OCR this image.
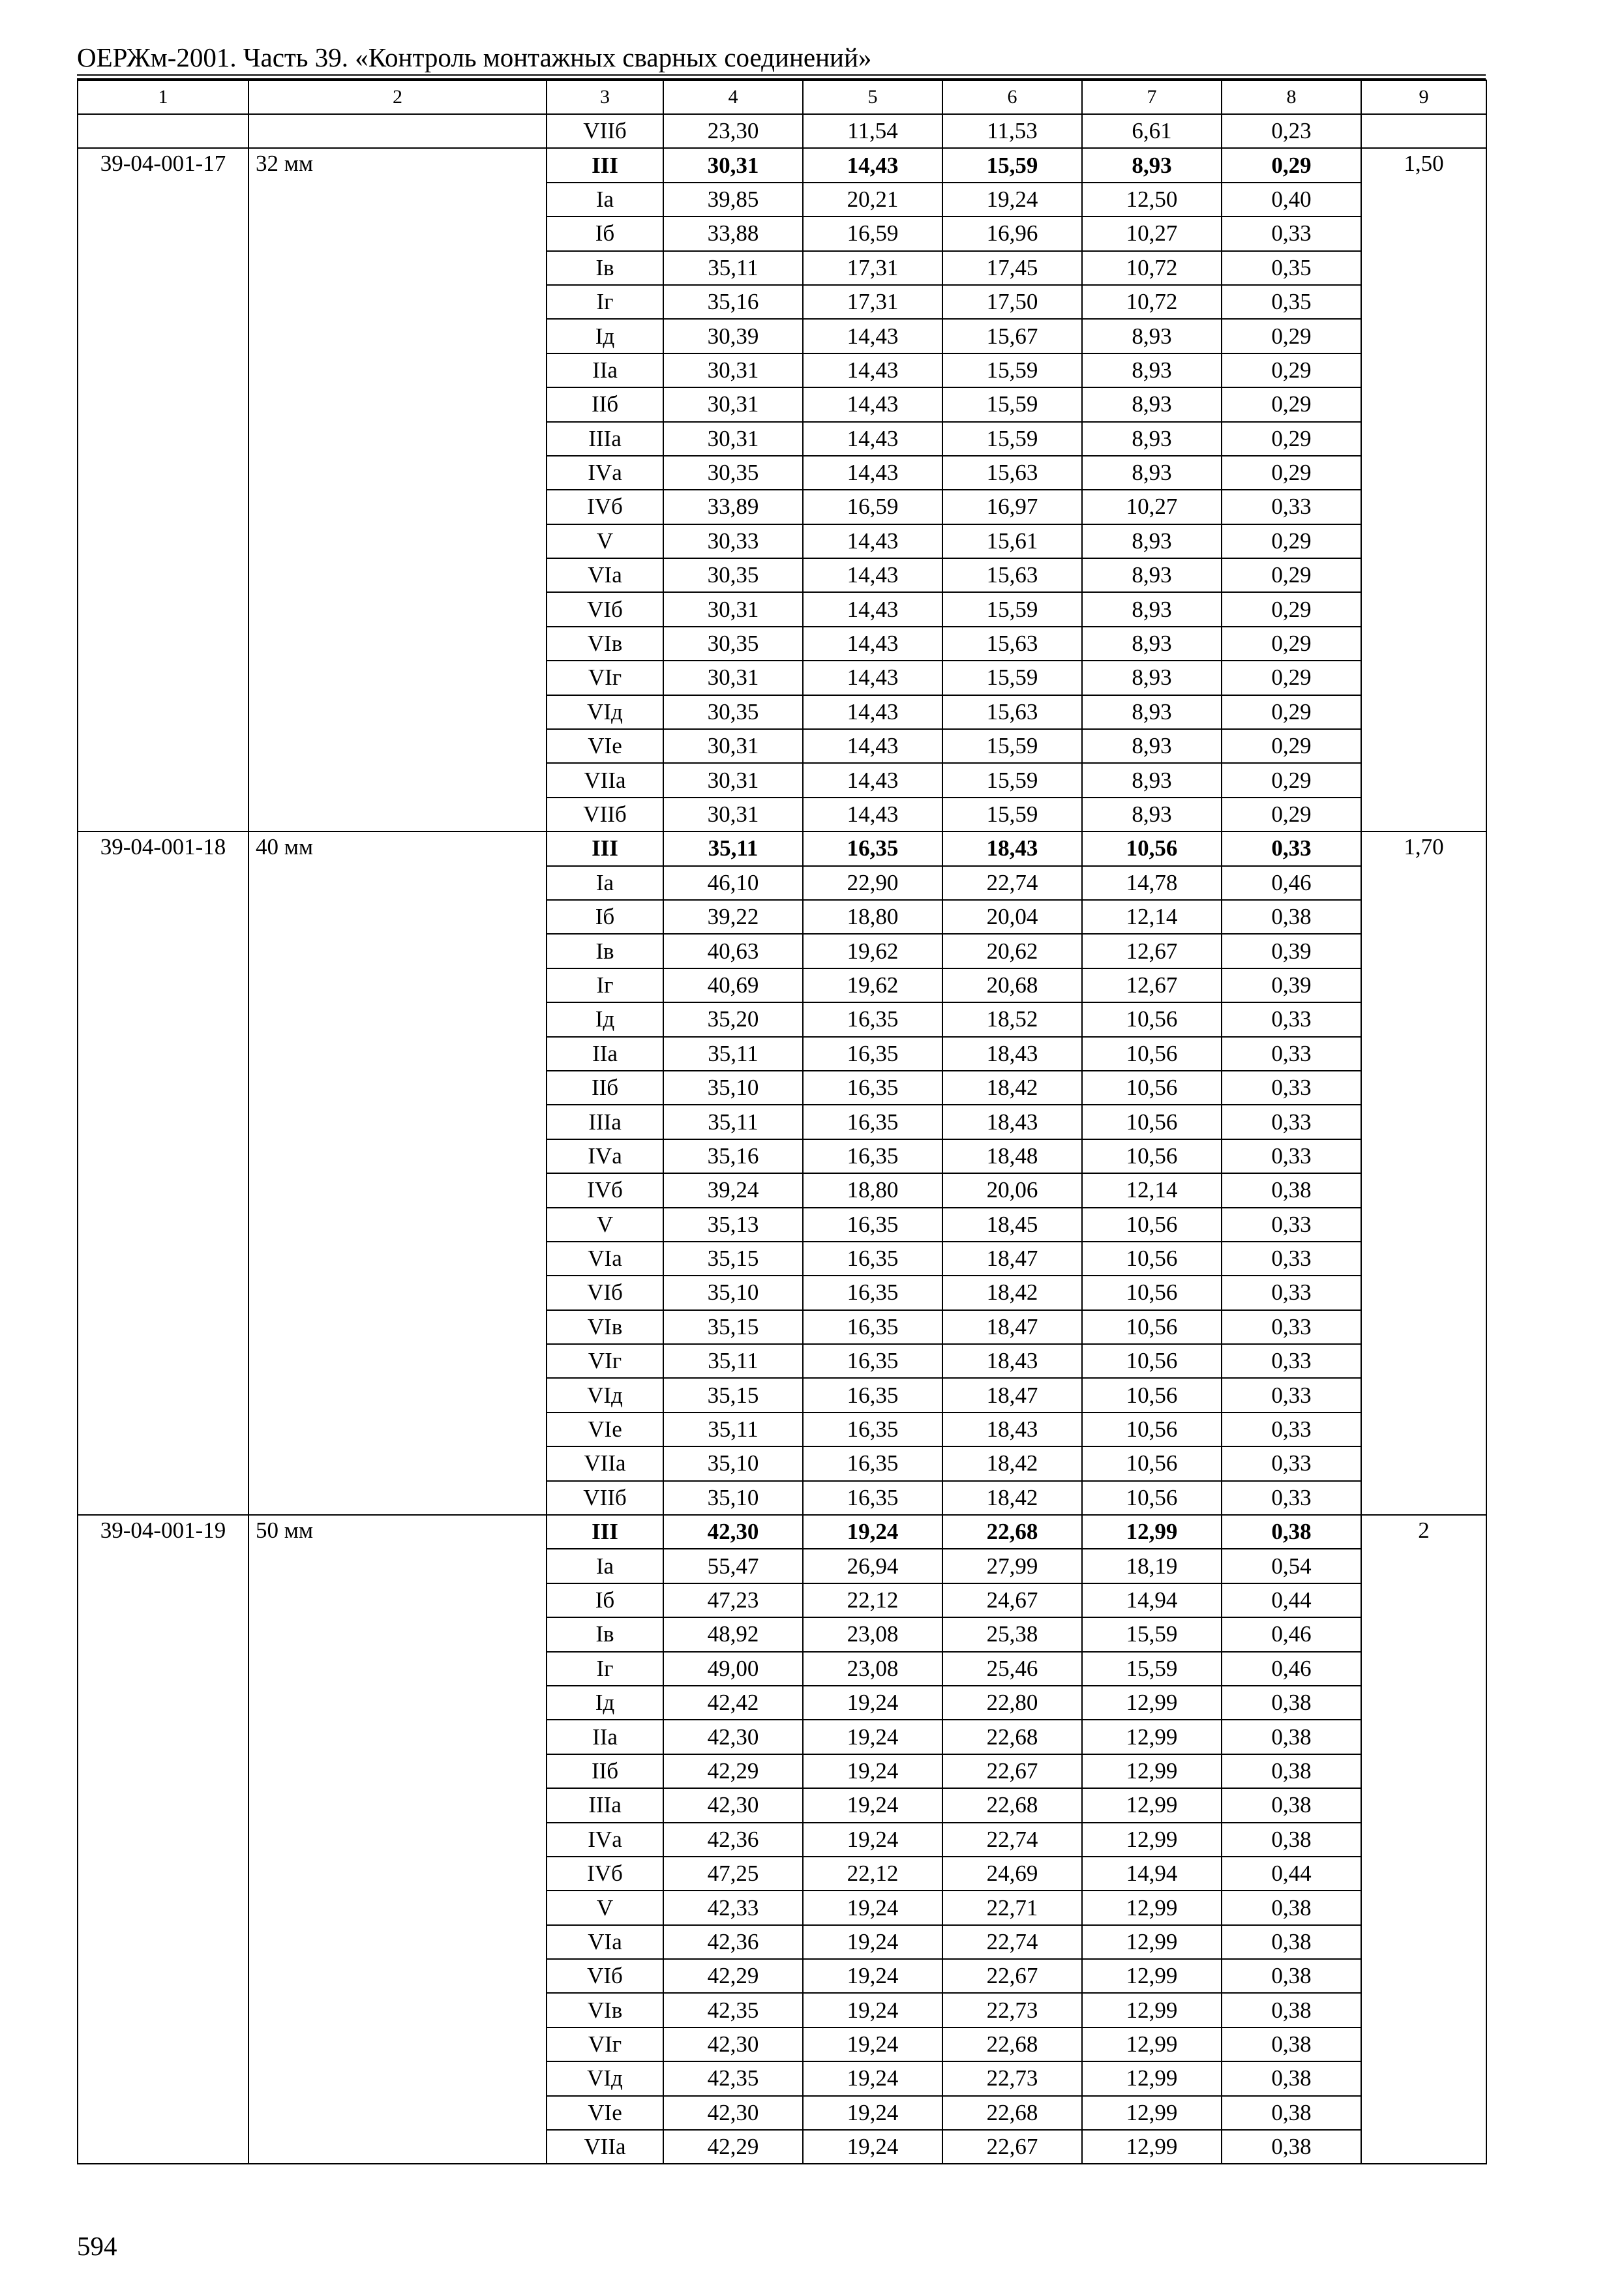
ОЕРЖм-2001. Часть 39. «Контроль монтажных сварных соединений»
1	2	3	4	5	6	7	8	9
		VIIб	23,30	11,54	11,53	6,61	0,23	
39-04-001-17	32 мм	III	30,31	14,43	15,59	8,93	0,29	1,50
		Iа	39,85	20,21	19,24	12,50	0,40	
		Iб	33,88	16,59	16,96	10,27	0,33	
		Iв	35,11	17,31	17,45	10,72	0,35	
		Iг	35,16	17,31	17,50	10,72	0,35	
		Iд	30,39	14,43	15,67	8,93	0,29	
		IIа	30,31	14,43	15,59	8,93	0,29	
		IIб	30,31	14,43	15,59	8,93	0,29	
		IIIа	30,31	14,43	15,59	8,93	0,29	
		IVа	30,35	14,43	15,63	8,93	0,29	
		IVб	33,89	16,59	16,97	10,27	0,33	
		V	30,33	14,43	15,61	8,93	0,29	
		VIа	30,35	14,43	15,63	8,93	0,29	
		VIб	30,31	14,43	15,59	8,93	0,29	
		VIв	30,35	14,43	15,63	8,93	0,29	
		VIг	30,31	14,43	15,59	8,93	0,29	
		VIд	30,35	14,43	15,63	8,93	0,29	
		VIе	30,31	14,43	15,59	8,93	0,29	
		VIIа	30,31	14,43	15,59	8,93	0,29	
		VIIб	30,31	14,43	15,59	8,93	0,29	
39-04-001-18	40 мм	III	35,11	16,35	18,43	10,56	0,33	1,70
		Iа	46,10	22,90	22,74	14,78	0,46	
		Iб	39,22	18,80	20,04	12,14	0,38	
		Iв	40,63	19,62	20,62	12,67	0,39	
		Iг	40,69	19,62	20,68	12,67	0,39	
		Iд	35,20	16,35	18,52	10,56	0,33	
		IIа	35,11	16,35	18,43	10,56	0,33	
		IIб	35,10	16,35	18,42	10,56	0,33	
		IIIа	35,11	16,35	18,43	10,56	0,33	
		IVа	35,16	16,35	18,48	10,56	0,33	
		IVб	39,24	18,80	20,06	12,14	0,38	
		V	35,13	16,35	18,45	10,56	0,33	
		VIа	35,15	16,35	18,47	10,56	0,33	
		VIб	35,10	16,35	18,42	10,56	0,33	
		VIв	35,15	16,35	18,47	10,56	0,33	
		VIг	35,11	16,35	18,43	10,56	0,33	
		VIд	35,15	16,35	18,47	10,56	0,33	
		VIе	35,11	16,35	18,43	10,56	0,33	
		VIIа	35,10	16,35	18,42	10,56	0,33	
		VIIб	35,10	16,35	18,42	10,56	0,33	
39-04-001-19	50 мм	III	42,30	19,24	22,68	12,99	0,38	2
		Iа	55,47	26,94	27,99	18,19	0,54	
		Iб	47,23	22,12	24,67	14,94	0,44	
		Iв	48,92	23,08	25,38	15,59	0,46	
		Iг	49,00	23,08	25,46	15,59	0,46	
		Iд	42,42	19,24	22,80	12,99	0,38	
		IIа	42,30	19,24	22,68	12,99	0,38	
		IIб	42,29	19,24	22,67	12,99	0,38	
		IIIа	42,30	19,24	22,68	12,99	0,38	
		IVа	42,36	19,24	22,74	12,99	0,38	
		IVб	47,25	22,12	24,69	14,94	0,44	
		V	42,33	19,24	22,71	12,99	0,38	
		VIа	42,36	19,24	22,74	12,99	0,38	
		VIб	42,29	19,24	22,67	12,99	0,38	
		VIв	42,35	19,24	22,73	12,99	0,38	
		VIг	42,30	19,24	22,68	12,99	0,38	
		VIд	42,35	19,24	22,73	12,99	0,38	
		VIе	42,30	19,24	22,68	12,99	0,38	
		VIIа	42,29	19,24	22,67	12,99	0,38	
594
